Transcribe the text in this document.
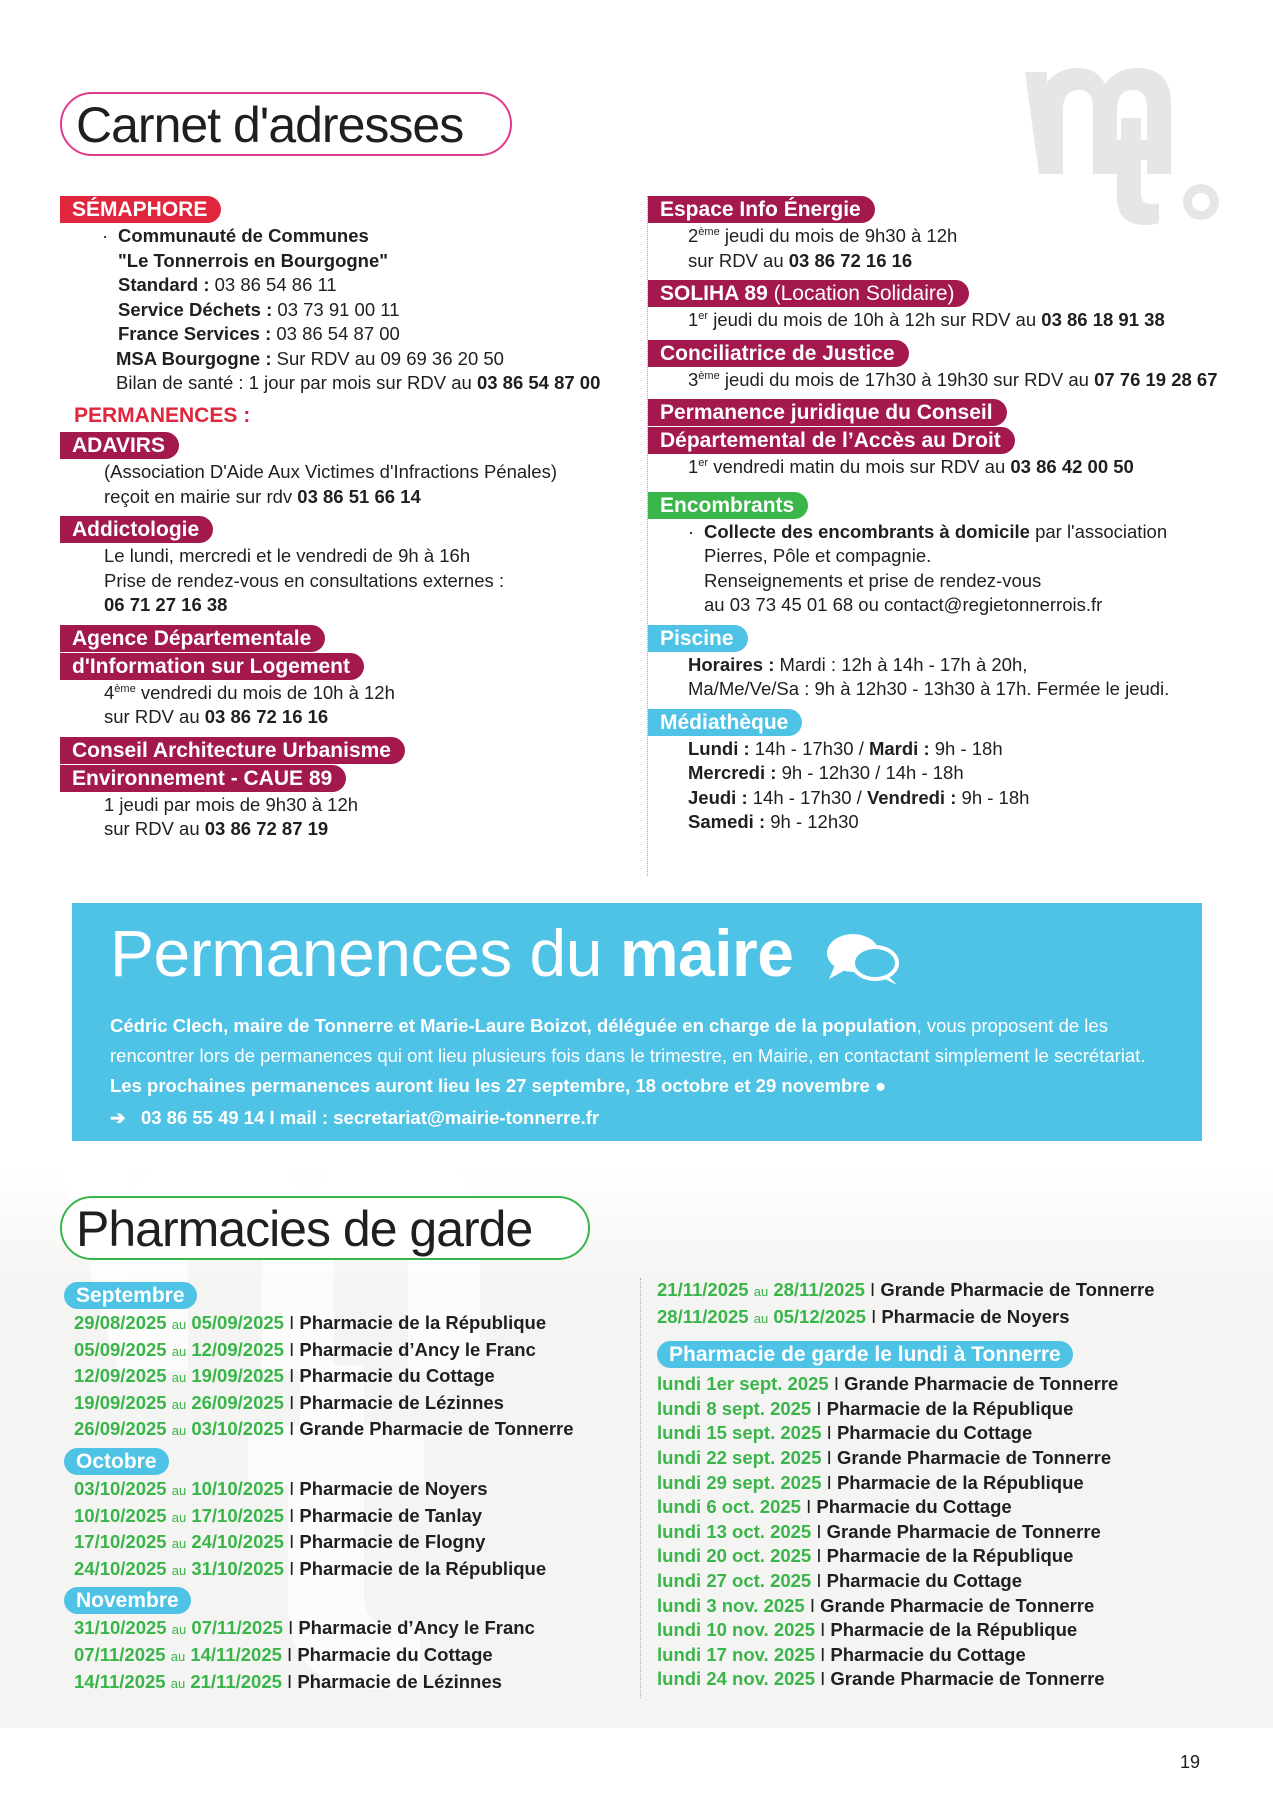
Carnet d'adresses
SÉMAPHORE
· Communauté de Communes
"Le Tonnerrois en Bourgogne"
Standard : 03 86 54 86 11
Service Déchets : 03 73 91 00 11
France Services : 03 86 54 87 00
MSA Bourgogne : Sur RDV au 09 69 36 20 50
Bilan de santé : 1 jour par mois sur RDV au 03 86 54 87 00
PERMANENCES :
ADAVIRS
(Association D'Aide Aux Victimes d'Infractions Pénales)
reçoit en mairie sur rdv 03 86 51 66 14
Addictologie
Le lundi, mercredi et le vendredi de 9h à 16h
Prise de rendez-vous en consultations externes :
06 71 27 16 38
Agence Départementale
d'Information sur Logement
4ème vendredi du mois de 10h à 12h
sur RDV au 03 86 72 16 16
Conseil Architecture Urbanisme
Environnement - CAUE 89
1 jeudi par mois de 9h30 à 12h
sur RDV au 03 86 72 87 19
Espace Info Énergie
2ème jeudi du mois de 9h30 à 12h
sur RDV au 03 86 72 16 16
SOLIHA 89 (Location Solidaire)
1er jeudi du mois de 10h à 12h sur RDV au 03 86 18 91 38
Conciliatrice de Justice
3ème jeudi du mois de 17h30 à 19h30 sur RDV au 07 76 19 28 67
Permanence juridique du Conseil
Départemental de l’Accès au Droit
1er vendredi matin du mois sur RDV au 03 86 42 00 50
Encombrants
· Collecte des encombrants à domicile par l'association
Pierres, Pôle et compagnie.
Renseignements et prise de rendez-vous
au 03 73 45 01 68 ou contact@regietonnerrois.fr
Piscine
Horaires : Mardi : 12h à 14h - 17h à 20h,
Ma/Me/Ve/Sa : 9h à 12h30 - 13h30 à 17h. Fermée le jeudi.
Médiathèque
Lundi : 14h - 17h30 / Mardi : 9h - 18h
Mercredi : 9h - 12h30 / 14h - 18h
Jeudi : 14h - 17h30 / Vendredi : 9h - 18h
Samedi : 9h - 12h30
Permanences du maire
Cédric Clech, maire de Tonnerre et Marie-Laure Boizot, déléguée en charge de la population, vous proposent de les rencontrer lors de permanences qui ont lieu plusieurs fois dans le trimestre, en Mairie, en contactant simplement le secrétariat. Les prochaines permanences auront lieu les 27 septembre, 18 octobre et 29 novembre ●
➔ 03 86 55 49 14 I mail : secretariat@mairie-tonnerre.fr
Pharmacies de garde
Septembre
29/08/2025 au 05/09/2025 I Pharmacie de la République
05/09/2025 au 12/09/2025 I Pharmacie d’Ancy le Franc
12/09/2025 au 19/09/2025 I Pharmacie du Cottage
19/09/2025 au 26/09/2025 I Pharmacie de Lézinnes
26/09/2025 au 03/10/2025 I Grande Pharmacie de Tonnerre
Octobre
03/10/2025 au 10/10/2025 I Pharmacie de Noyers
10/10/2025 au 17/10/2025 I Pharmacie de Tanlay
17/10/2025 au 24/10/2025 I Pharmacie de Flogny
24/10/2025 au 31/10/2025 I Pharmacie de la République
Novembre
31/10/2025 au 07/11/2025 I Pharmacie d’Ancy le Franc
07/11/2025 au 14/11/2025 I Pharmacie du Cottage
14/11/2025 au 21/11/2025 I Pharmacie de Lézinnes
21/11/2025 au 28/11/2025 I Grande Pharmacie de Tonnerre
28/11/2025 au 05/12/2025 I Pharmacie de Noyers
Pharmacie de garde le lundi à Tonnerre
lundi 1er sept. 2025 I Grande Pharmacie de Tonnerre
lundi 8 sept. 2025 I Pharmacie de la République
lundi 15 sept. 2025 I Pharmacie du Cottage
lundi 22 sept. 2025 I Grande Pharmacie de Tonnerre
lundi 29 sept. 2025 I Pharmacie de la République
lundi 6 oct. 2025 I Pharmacie du Cottage
lundi 13 oct. 2025 I Grande Pharmacie de Tonnerre
lundi 20 oct. 2025 I Pharmacie de la République
lundi 27 oct. 2025 I Pharmacie du Cottage
lundi 3 nov. 2025 I Grande Pharmacie de Tonnerre
lundi 10 nov. 2025 I Pharmacie de la République
lundi 17 nov. 2025 I Pharmacie du Cottage
lundi 24 nov. 2025 I Grande Pharmacie de Tonnerre
19
